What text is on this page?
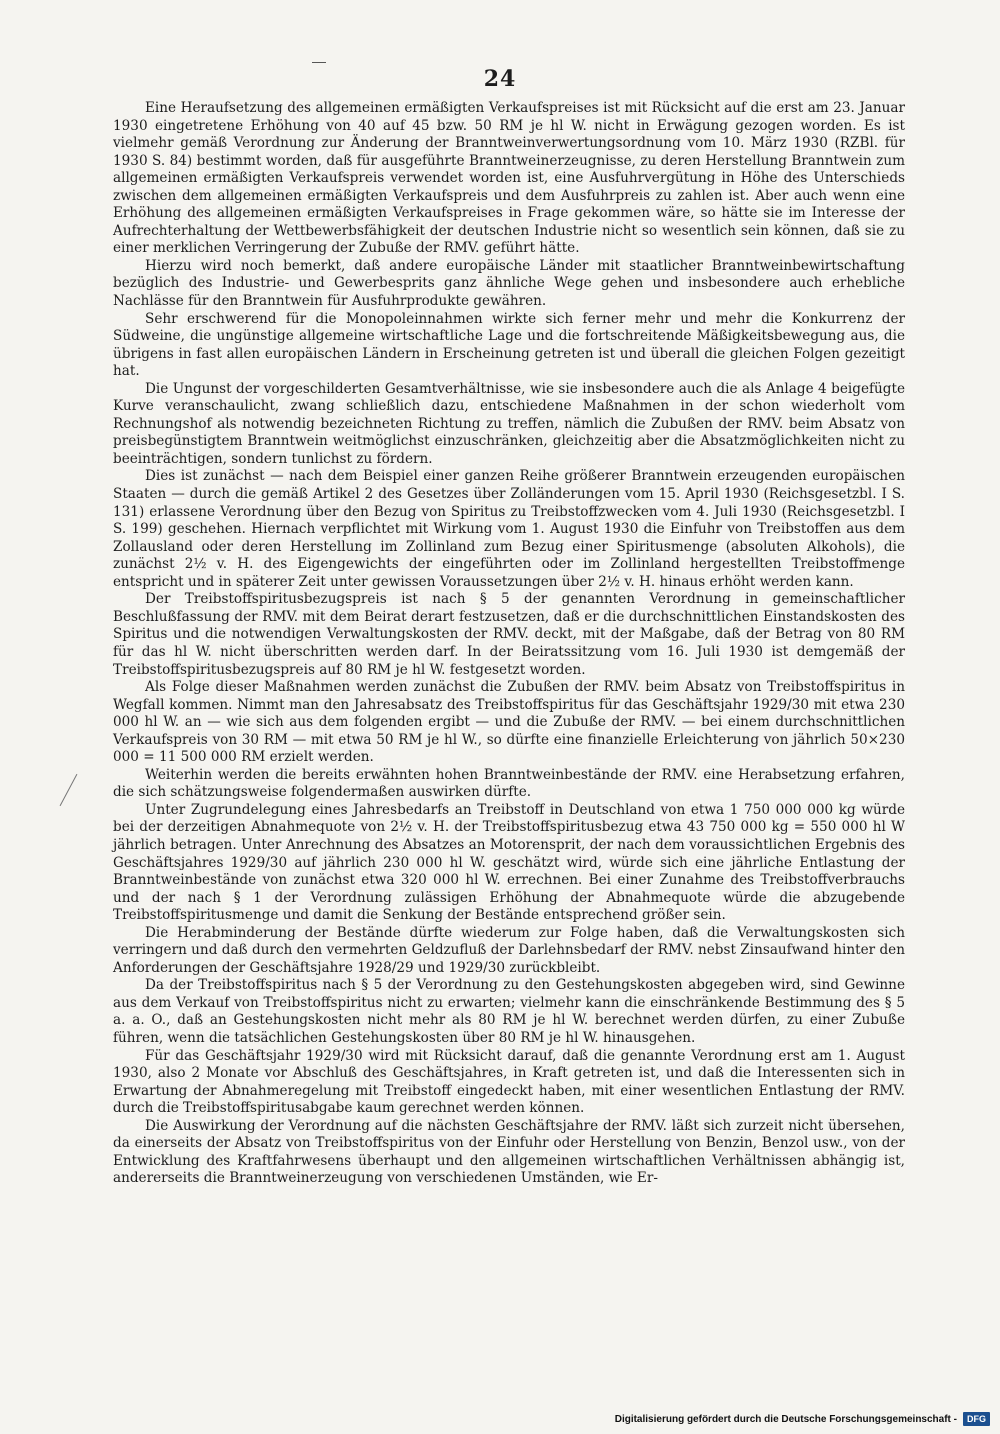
24

Eine Heraufsetzung des allgemeinen ermäßigten Verkaufspreises ist mit Rücksicht auf die erst am 23. Januar 1930 eingetretene Erhöhung von 40 auf 45 bzw. 50 RM je hl W. nicht in Erwägung gezogen worden. Es ist vielmehr gemäß Verordnung zur Änderung der Branntweinverwertungsordnung vom 10. März 1930 (RZBl. für 1930 S. 84) bestimmt worden, daß für ausgeführte Branntweinerzeugnisse, zu deren Herstellung Branntwein zum allgemeinen ermäßigten Verkaufspreis verwendet worden ist, eine Ausfuhrvergütung in Höhe des Unterschieds zwischen dem allgemeinen ermäßigten Verkaufspreis und dem Ausfuhrpreis zu zahlen ist. Aber auch wenn eine Erhöhung des allgemeinen ermäßigten Verkaufspreises in Frage gekommen wäre, so hätte sie im Interesse der Aufrechterhaltung der Wettbewerbsfähigkeit der deutschen Industrie nicht so wesentlich sein können, daß sie zu einer merklichen Verringerung der Zubuße der RMV. geführt hätte.

Hierzu wird noch bemerkt, daß andere europäische Länder mit staatlicher Branntweinbewirtschaftung bezüglich des Industrie- und Gewerbesprits ganz ähnliche Wege gehen und insbesondere auch erhebliche Nachlässe für den Branntwein für Ausfuhrprodukte gewähren.

Sehr erschwerend für die Monopoleinnahmen wirkte sich ferner mehr und mehr die Konkurrenz der Südweine, die ungünstige allgemeine wirtschaftliche Lage und die fortschreitende Mäßigkeitsbewegung aus, die übrigens in fast allen europäischen Ländern in Erscheinung getreten ist und überall die gleichen Folgen gezeitigt hat.

Die Ungunst der vorgeschilderten Gesamtverhältnisse, wie sie insbesondere auch die als Anlage 4 beigefügte Kurve veranschaulicht, zwang schließlich dazu, entschiedene Maßnahmen in der schon wiederholt vom Rechnungshof als notwendig bezeichneten Richtung zu treffen, nämlich die Zubußen der RMV. beim Absatz von preisbegünstigtem Branntwein weitmöglichst einzuschränken, gleichzeitig aber die Absatzmöglichkeiten nicht zu beeinträchtigen, sondern tunlichst zu fördern.

Dies ist zunächst — nach dem Beispiel einer ganzen Reihe größerer Branntwein erzeugenden europäischen Staaten — durch die gemäß Artikel 2 des Gesetzes über Zolländerungen vom 15. April 1930 (Reichsgesetzbl. I S. 131) erlassene Verordnung über den Bezug von Spiritus zu Treibstoffzwecken vom 4. Juli 1930 (Reichsgesetzbl. I S. 199) geschehen. Hiernach verpflichtet mit Wirkung vom 1. August 1930 die Einfuhr von Treibstoffen aus dem Zollausland oder deren Herstellung im Zollinland zum Bezug einer Spiritusmenge (absoluten Alkohols), die zunächst 2½ v. H. des Eigengewichts der eingeführten oder im Zollinland hergestellten Treibstoffmenge entspricht und in späterer Zeit unter gewissen Voraussetzungen über 2½ v. H. hinaus erhöht werden kann.

Der Treibstoffspiritusbezugspreis ist nach § 5 der genannten Verordnung in gemeinschaftlicher Beschlußfassung der RMV. mit dem Beirat derart festzusetzen, daß er die durchschnittlichen Einstandskosten des Spiritus und die notwendigen Verwaltungskosten der RMV. deckt, mit der Maßgabe, daß der Betrag von 80 RM für das hl W. nicht überschritten werden darf. In der Beiratssitzung vom 16. Juli 1930 ist demgemäß der Treibstoffspiritusbezugspreis auf 80 RM je hl W. festgesetzt worden.

Als Folge dieser Maßnahmen werden zunächst die Zubußen der RMV. beim Absatz von Treibstoffspiritus in Wegfall kommen. Nimmt man den Jahresabsatz des Treibstoffspiritus für das Geschäftsjahr 1929/30 mit etwa 230 000 hl W. an — wie sich aus dem folgenden ergibt — und die Zubuße der RMV. — bei einem durchschnittlichen Verkaufspreis von 30 RM — mit etwa 50 RM je hl W., so dürfte eine finanzielle Erleichterung von jährlich 50×230 000 = 11 500 000 RM erzielt werden.

Weiterhin werden die bereits erwähnten hohen Branntweinbestände der RMV. eine Herabsetzung erfahren, die sich schätzungsweise folgendermaßen auswirken dürfte.

Unter Zugrundelegung eines Jahresbedarfs an Treibstoff in Deutschland von etwa 1 750 000 000 kg würde bei der derzeitigen Abnahmequote von 2½ v. H. der Treibstoffspiritusbezug etwa 43 750 000 kg = 550 000 hl W jährlich betragen. Unter Anrechnung des Absatzes an Motorensprit, der nach dem voraussichtlichen Ergebnis des Geschäftsjahres 1929/30 auf jährlich 230 000 hl W. geschätzt wird, würde sich eine jährliche Entlastung der Branntweinbestände von zunächst etwa 320 000 hl W. errechnen. Bei einer Zunahme des Treibstoffverbrauchs und der nach § 1 der Verordnung zulässigen Erhöhung der Abnahmequote würde die abzugebende Treibstoffspiritusmenge und damit die Senkung der Bestände entsprechend größer sein.

Die Herabminderung der Bestände dürfte wiederum zur Folge haben, daß die Verwaltungskosten sich verringern und daß durch den vermehrten Geldzufluß der Darlehnsbedarf der RMV. nebst Zinsaufwand hinter den Anforderungen der Geschäftsjahre 1928/29 und 1929/30 zurückbleibt.

Da der Treibstoffspiritus nach § 5 der Verordnung zu den Gestehungskosten abgegeben wird, sind Gewinne aus dem Verkauf von Treibstoffspiritus nicht zu erwarten; vielmehr kann die einschränkende Bestimmung des § 5 a. a. O., daß an Gestehungskosten nicht mehr als 80 RM je hl W. berechnet werden dürfen, zu einer Zubuße führen, wenn die tatsächlichen Gestehungskosten über 80 RM je hl W. hinausgehen.

Für das Geschäftsjahr 1929/30 wird mit Rücksicht darauf, daß die genannte Verordnung erst am 1. August 1930, also 2 Monate vor Abschluß des Geschäftsjahres, in Kraft getreten ist, und daß die Interessenten sich in Erwartung der Abnahmeregelung mit Treibstoff eingedeckt haben, mit einer wesentlichen Entlastung der RMV. durch die Treibstoffspiritusabgabe kaum gerechnet werden können.

Die Auswirkung der Verordnung auf die nächsten Geschäftsjahre der RMV. läßt sich zurzeit nicht übersehen, da einerseits der Absatz von Treibstoffspiritus von der Einfuhr oder Herstellung von Benzin, Benzol usw., von der Entwicklung des Kraftfahrwesens überhaupt und den allgemeinen wirtschaftlichen Verhältnissen abhängig ist, andererseits die Branntweinerzeugung von verschiedenen Umständen, wie Er-

Digitalisierung gefördert durch die Deutsche Forschungsgemeinschaft -	DFG
